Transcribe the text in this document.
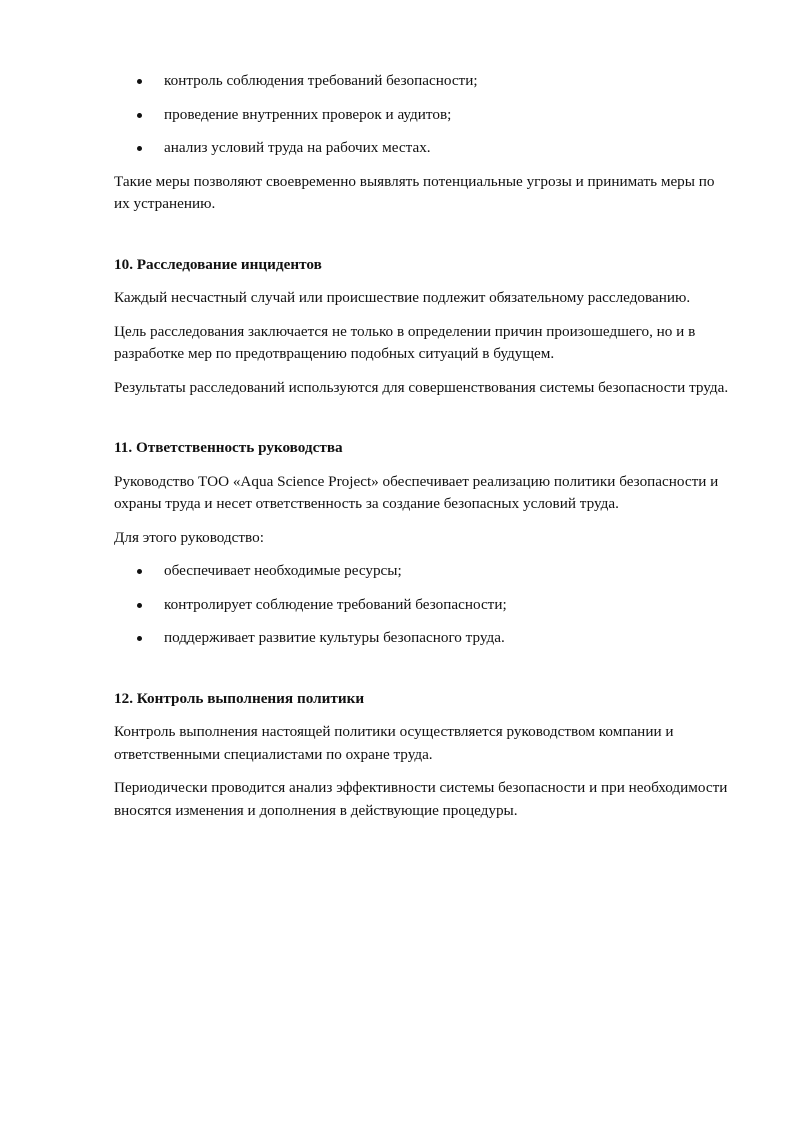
контроль соблюдения требований безопасности;
проведение внутренних проверок и аудитов;
анализ условий труда на рабочих местах.

Такие меры позволяют своевременно выявлять потенциальные угрозы и принимать меры по их устранению.

10. Расследование инцидентов

Каждый несчастный случай или происшествие подлежит обязательному расследованию.

Цель расследования заключается не только в определении причин произошедшего, но и в разработке мер по предотвращению подобных ситуаций в будущем.

Результаты расследований используются для совершенствования системы безопасности труда.

11. Ответственность руководства

Руководство ТОО «Aqua Science Project» обеспечивает реализацию политики безопасности и охраны труда и несет ответственность за создание безопасных условий труда.

Для этого руководство:

обеспечивает необходимые ресурсы;
контролирует соблюдение требований безопасности;
поддерживает развитие культуры безопасного труда.
12. Контроль выполнения политики

Контроль выполнения настоящей политики осуществляется руководством компании и ответственными специалистами по охране труда.

Периодически проводится анализ эффективности системы безопасности и при необходимости вносятся изменения и дополнения в действующие процедуры.
